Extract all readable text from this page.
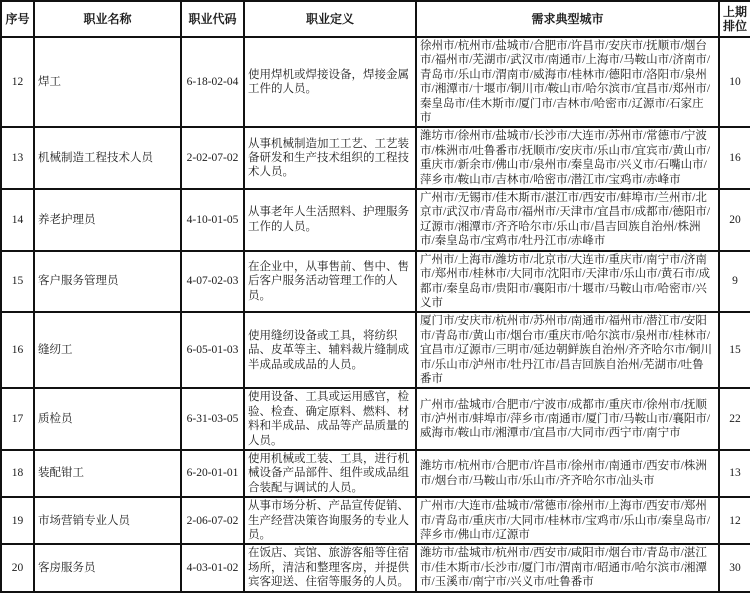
序号	职业名称	职业代码	职业定义	需求典型城市	上期排位
12	焊工	6-18-02-04	使用焊机或焊接设备，焊接金属工件的人员。	徐州市/杭州市/盐城市/合肥市/许昌市/安庆市/抚顺市/烟台市/福州市/芜湖市/武汉市/南通市/上海市/马鞍山市/济南市/青岛市/乐山市/渭南市/威海市/桂林市/德阳市/洛阳市/泉州市/湘潭市/十堰市/铜川市/鞍山市/哈尔滨市/宜昌市/郑州市/秦皇岛市/佳木斯市/厦门市/吉林市/哈密市/辽源市/石家庄市	10
13	机械制造工程技术人员	2-02-07-02	从事机械制造加工工艺、工艺装备研发和生产技术组织的工程技术人员。	潍坊市/徐州市/盐城市/长沙市/大连市/苏州市/常德市/宁波市/株洲市/吐鲁番市/抚顺市/安庆市/乐山市/宜宾市/黄山市/重庆市/新余市/佛山市/泉州市/秦皇岛市/兴义市/石嘴山市/萍乡市/鞍山市/吉林市/哈密市/潜江市/宝鸡市/赤峰市	16
14	养老护理员	4-10-01-05	从事老年人生活照料、护理服务工作的人员。	广州市/无锡市/佳木斯市/湛江市/西安市/蚌埠市/兰州市/北京市/武汉市/青岛市/福州市/天津市/宜昌市/成都市/德阳市/辽源市/湘潭市/齐齐哈尔市/乐山市/昌吉回族自治州/株洲市/秦皇岛市/宝鸡市/牡丹江市/赤峰市	20
15	客户服务管理员	4-07-02-03	在企业中，从事售前、售中、售后客户服务活动管理工作的人员。	广州市/上海市/潍坊市/北京市/大连市/重庆市/南宁市/济南市/郑州市/桂林市/大同市/沈阳市/天津市/乐山市/黄石市/成都市/秦皇岛市/贵阳市/襄阳市/十堰市/马鞍山市/哈密市/兴义市	9
16	缝纫工	6-05-01-03	使用缝纫设备或工具，将纺织品、皮革等主、辅料裁片缝制成半成品或成品的人员。	厦门市/安庆市/杭州市/苏州市/南通市/福州市/潜江市/安阳市/青岛市/黄山市/烟台市/重庆市/哈尔滨市/泉州市/桂林市/宜昌市/辽源市/三明市/延边朝鲜族自治州/齐齐哈尔市/铜川市/乐山市/泸州市/牡丹江市/昌吉回族自治州/芜湖市/吐鲁番市	15
17	质检员	6-31-03-05	使用设备、工具或运用感官，检验、检查、确定原料、燃料、材料和半成品、成品等产品质量的人员。	广州市/盐城市/合肥市/宁波市/成都市/重庆市/徐州市/抚顺市/泸州市/蚌埠市/萍乡市/南通市/厦门市/马鞍山市/襄阳市/威海市/鞍山市/湘潭市/宜昌市/大同市/西宁市/南宁市	22
18	装配钳工	6-20-01-01	使用机械或工装、工具，进行机械设备产品部件、组件或成品组合装配与调试的人员。	潍坊市/杭州市/合肥市/许昌市/徐州市/南通市/西安市/株洲市/烟台市/马鞍山市/乐山市/齐齐哈尔市/汕头市	13
19	市场营销专业人员	2-06-07-02	从事市场分析、产品宣传促销、生产经营决策咨询服务的专业人员。	广州市/大连市/盐城市/常德市/徐州市/上海市/西安市/郑州市/青岛市/重庆市/大同市/桂林市/宝鸡市/乐山市/秦皇岛市/萍乡市/佛山市/辽源市	12
20	客房服务员	4-03-01-02	在饭店、宾馆、旅游客船等住宿场所，清洁和整理客房，并提供宾客迎送、住宿等服务的人员。	潍坊市/盐城市/杭州市/西安市/咸阳市/烟台市/青岛市/湛江市/佳木斯市/长沙市/厦门市/渭南市/昭通市/哈尔滨市/湘潭市/玉溪市/南宁市/兴义市/吐鲁番市	30
